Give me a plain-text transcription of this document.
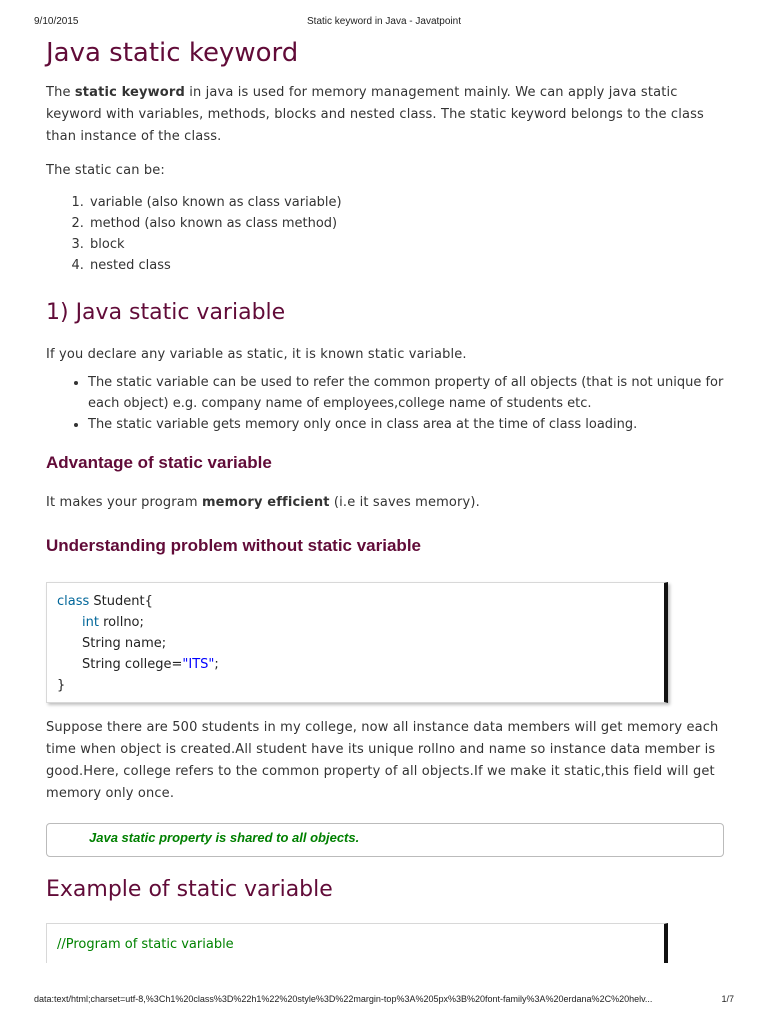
9/10/2015	Static keyword in Java - Javatpoint
Java static keyword

The static keyword in java is used for memory management mainly. We can apply java static keyword with variables, methods, blocks and nested class. The static keyword belongs to the class than instance of the class.

The static can be:

1. variable (also known as class variable)
2. method (also known as class method)
3. block
4. nested class
1) Java static variable

If you declare any variable as static, it is known static variable.

• The static variable can be used to refer the common property of all objects (that is not unique for each object) e.g. company name of employees,college name of students etc.
• The static variable gets memory only once in class area at the time of class loading.
Advantage of static variable

It makes your program memory efficient (i.e it saves memory).

Understanding problem without static variable
class Student{
int rollno;
String name;
String college="ITS";
}

Suppose there are 500 students in my college, now all instance data members will get memory each time when object is created.All student have its unique rollno and name so instance data member is good.Here, college refers to the common property of all objects.If we make it static,this field will get memory only once.

Java static property is shared to all objects.
Example of static variable
//Program of static variable
data:text/html;charset=utf-8,%3Ch1%20class%3D%22h1%22%20style%3D%22margin-top%3A%205px%3B%20font-family%3A%20erdana%2C%20helv...	1/7
